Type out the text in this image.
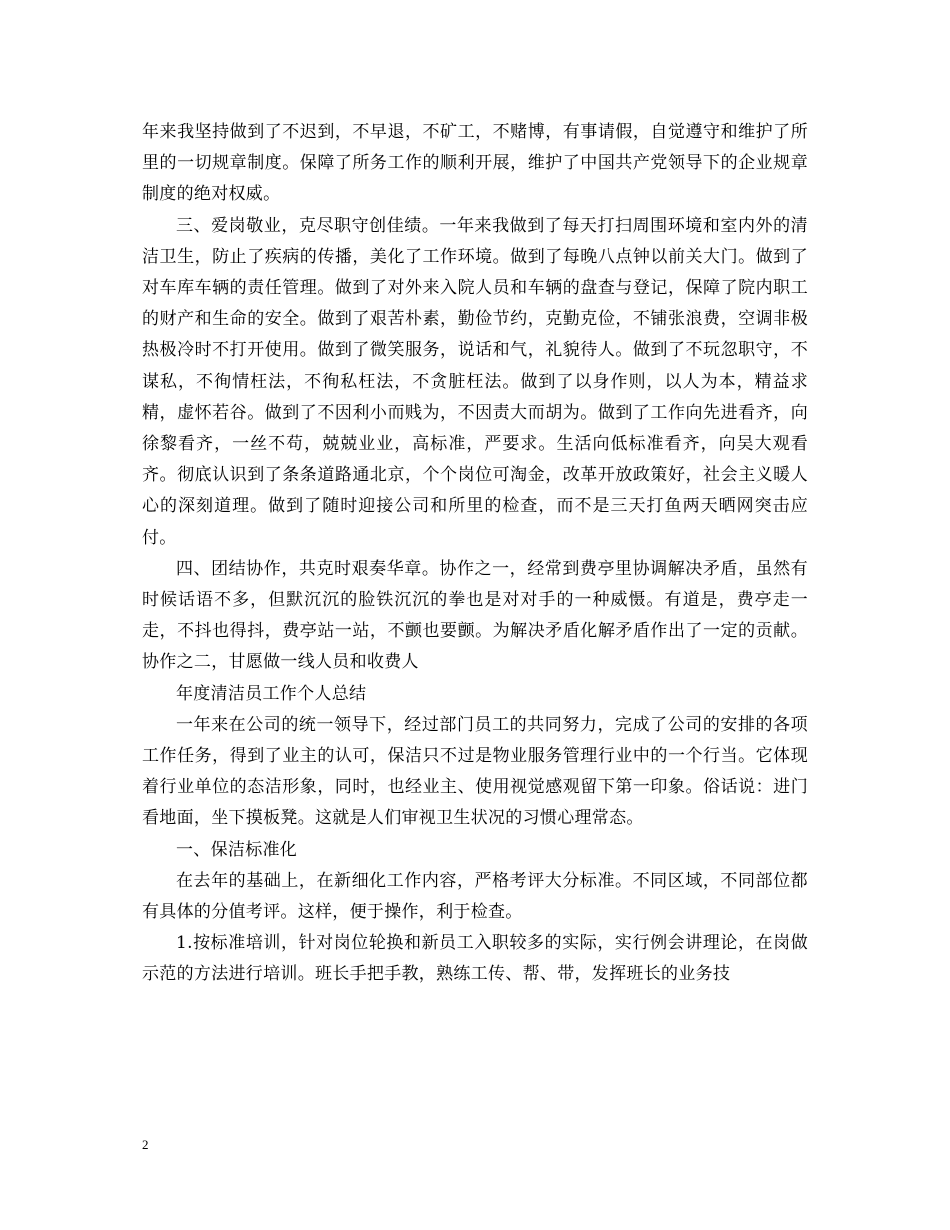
年来我坚持做到了不迟到，不早退，不矿工，不赌博，有事请假，自觉遵守和维护了所里的一切规章制度。保障了所务工作的顺利开展，维护了中国共产党领导下的企业规章制度的绝对权威。

三、爱岗敬业，克尽职守创佳绩。一年来我做到了每天打扫周围环境和室内外的清洁卫生，防止了疾病的传播，美化了工作环境。做到了每晚八点钟以前关大门。做到了对车库车辆的责任管理。做到了对外来入院人员和车辆的盘查与登记，保障了院内职工的财产和生命的安全。做到了艰苦朴素，勤俭节约，克勤克俭，不铺张浪费，空调非极热极冷时不打开使用。做到了微笑服务，说话和气，礼貌待人。做到了不玩忽职守，不谋私，不徇情枉法，不徇私枉法，不贪脏枉法。做到了以身作则，以人为本，精益求精，虚怀若谷。做到了不因利小而贱为，不因责大而胡为。做到了工作向先进看齐，向徐黎看齐，一丝不苟，兢兢业业，高标准，严要求。生活向低标准看齐，向吴大观看齐。彻底认识到了条条道路通北京，个个岗位可淘金，改革开放政策好，社会主义暖人心的深刻道理。做到了随时迎接公司和所里的检查，而不是三天打鱼两天晒网突击应付。

四、团结协作，共克时艰奏华章。协作之一，经常到费亭里协调解决矛盾，虽然有时候话语不多，但默沉沉的脸铁沉沉的拳也是对对手的一种威慑。有道是，费亭走一走，不抖也得抖，费亭站一站，不颤也要颤。为解决矛盾化解矛盾作出了一定的贡献。协作之二，甘愿做一线人员和收费人

年度清洁员工作个人总结

一年来在公司的统一领导下，经过部门员工的共同努力，完成了公司的安排的各项工作任务，得到了业主的认可，保洁只不过是物业服务管理行业中的一个行当。它体现着行业单位的态洁形象，同时，也经业主、使用视觉感观留下第一印象。俗话说：进门看地面，坐下摸板凳。这就是人们审视卫生状况的习惯心理常态。

一、保洁标准化

在去年的基础上，在新细化工作内容，严格考评大分标准。不同区域，不同部位都有具体的分值考评。这样，便于操作，利于检查。

1.按标准培训，针对岗位轮换和新员工入职较多的实际，实行例会讲理论，在岗做示范的方法进行培训。班长手把手教，熟练工传、帮、带，发挥班长的业务技

2
